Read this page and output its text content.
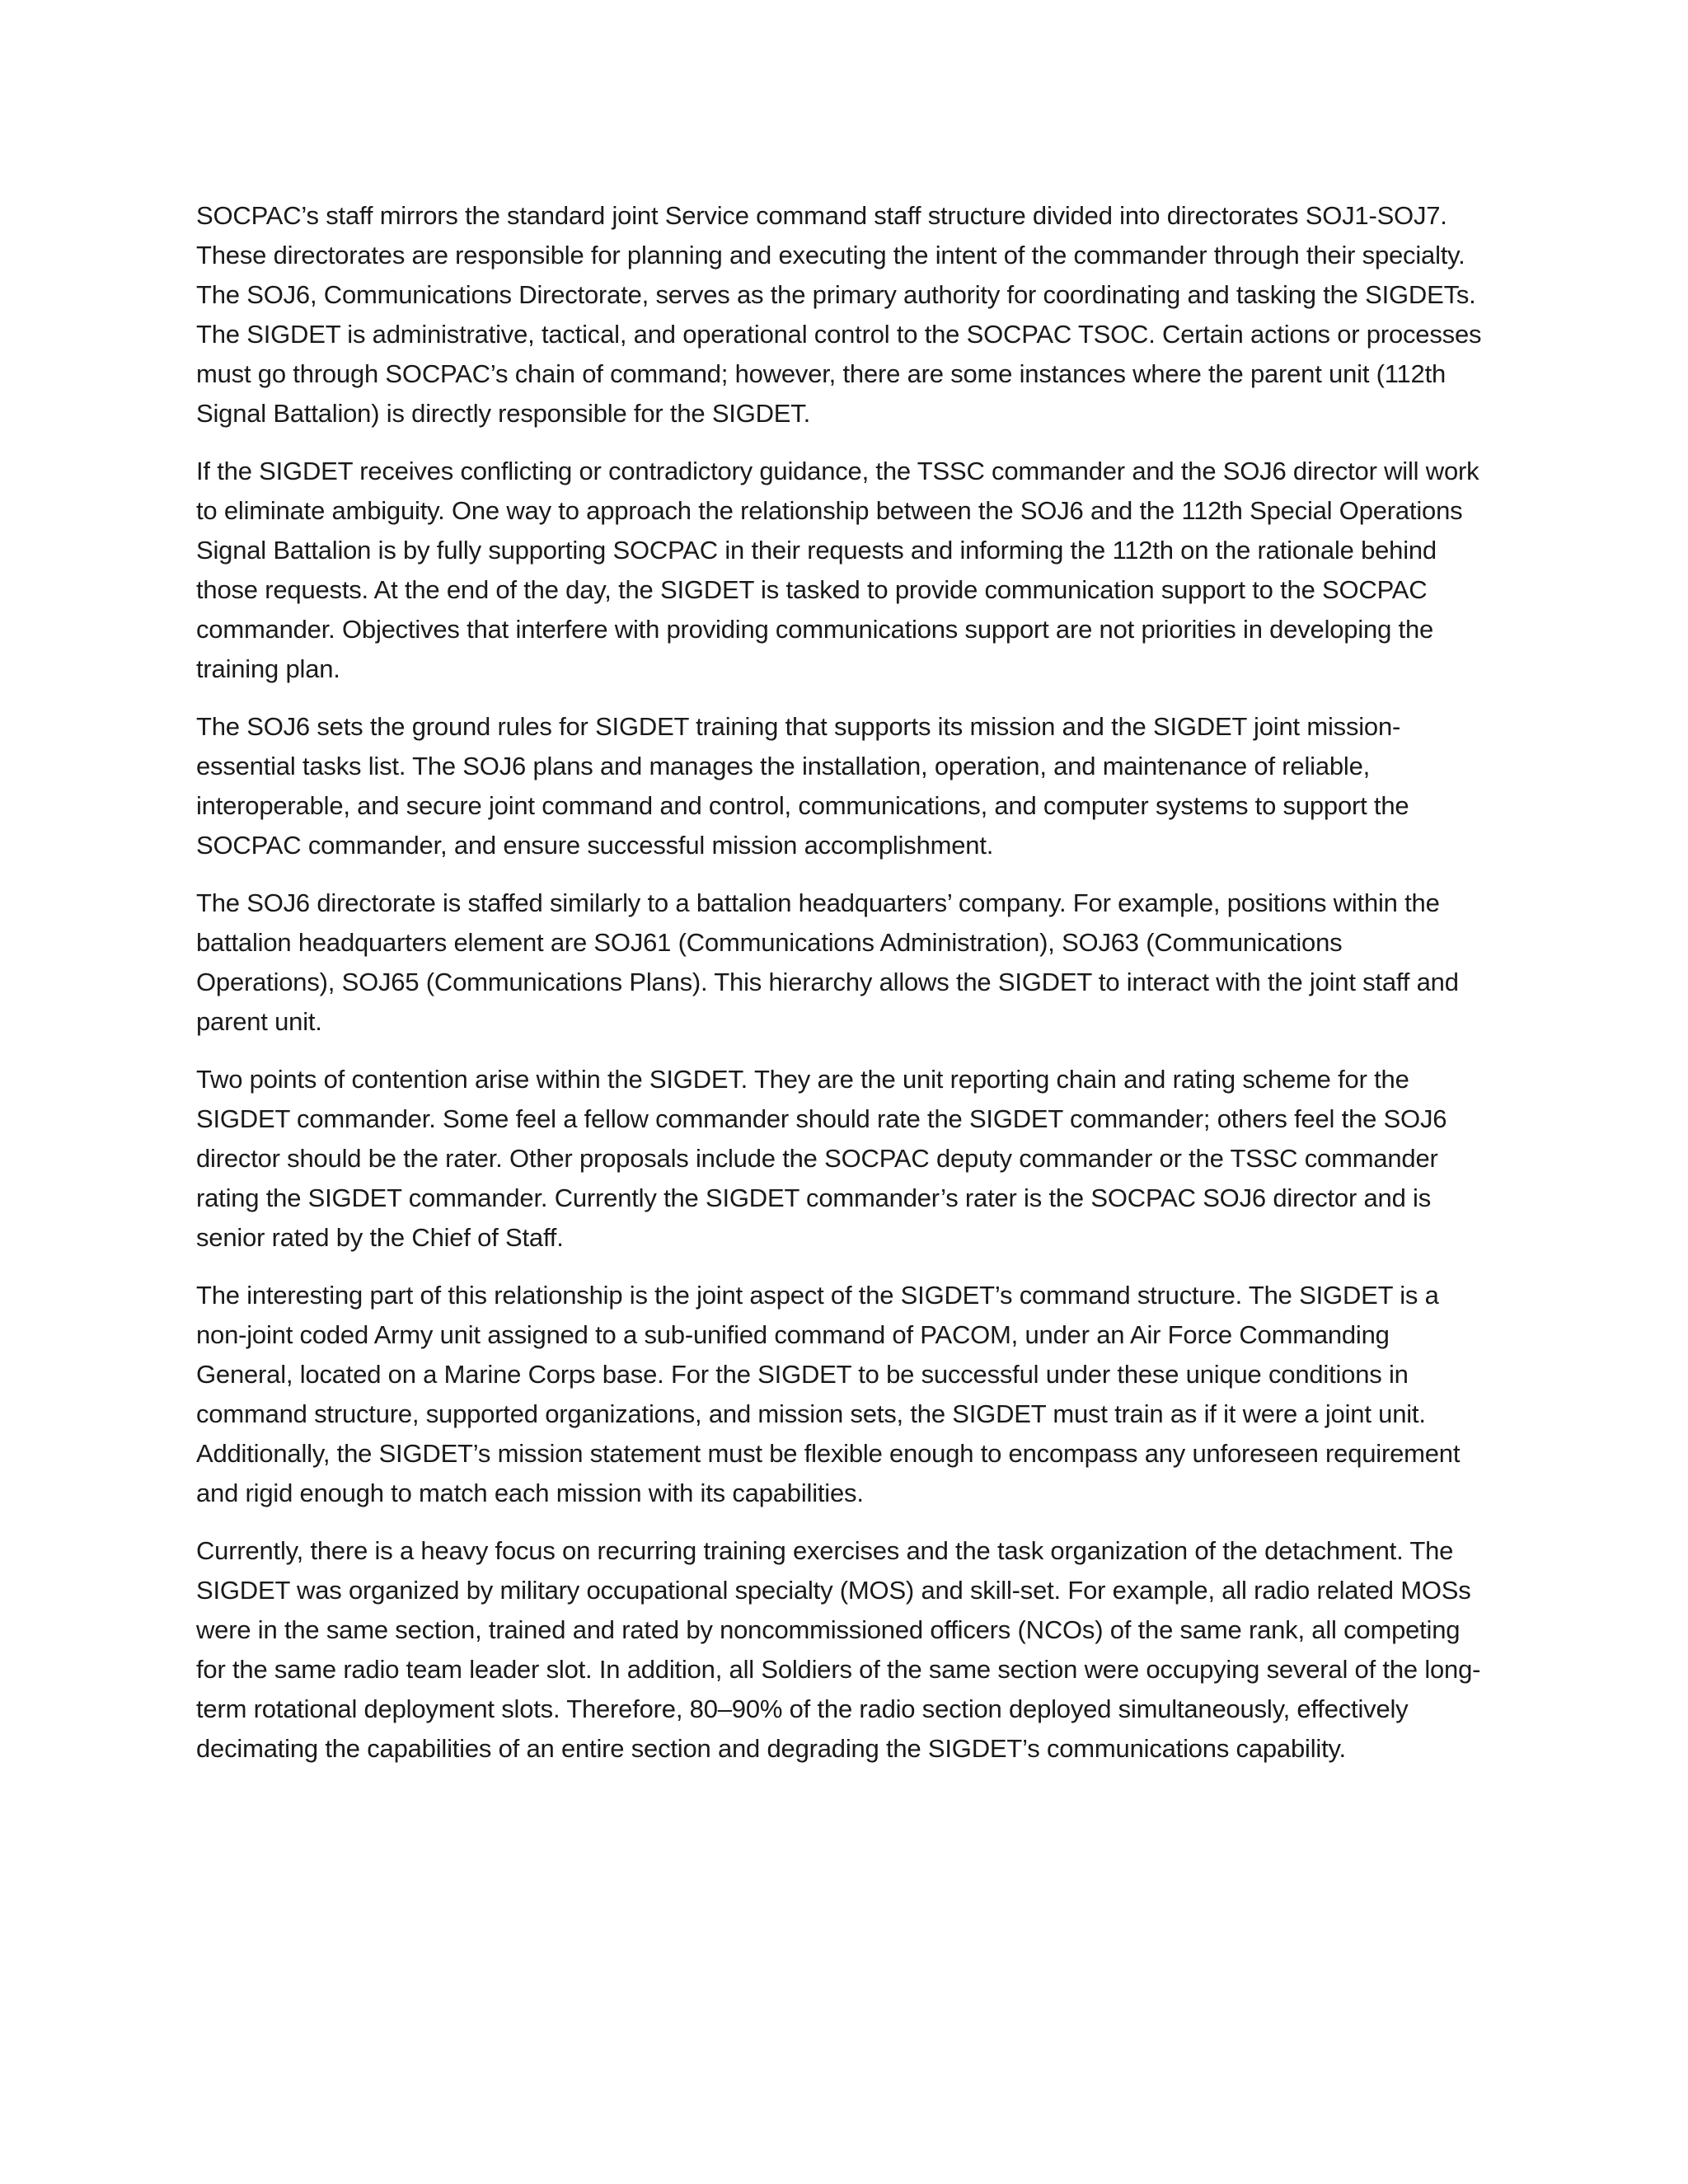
SOCPAC’s staff mirrors the standard joint Service command staff structure divided into directorates SOJ1-SOJ7. These directorates are responsible for planning and executing the intent of the commander through their specialty. The SOJ6, Communications Directorate, serves as the primary authority for coordinating and tasking the SIGDETs. The SIGDET is administrative, tactical, and operational control to the SOCPAC TSOC. Certain actions or processes must go through SOCPAC’s chain of command; however, there are some instances where the parent unit (112th Signal Battalion) is directly responsible for the SIGDET.

If the SIGDET receives conflicting or contradictory guidance, the TSSC commander and the SOJ6 director will work to eliminate ambiguity. One way to approach the relationship between the SOJ6 and the 112th Special Operations Signal Battalion is by fully supporting SOCPAC in their requests and informing the 112th on the rationale behind those requests. At the end of the day, the SIGDET is tasked to provide communication support to the SOCPAC commander. Objectives that interfere with providing communications support are not priorities in developing the training plan.

The SOJ6 sets the ground rules for SIGDET training that supports its mission and the SIGDET joint mission-essential tasks list. The SOJ6 plans and manages the installation, operation, and maintenance of reliable, interoperable, and secure joint command and control, communications, and computer systems to support the SOCPAC commander, and ensure successful mission accomplishment.

The SOJ6 directorate is staffed similarly to a battalion headquarters’ company. For example, positions within the battalion headquarters element are SOJ61 (Communications Administration), SOJ63 (Communications Operations), SOJ65 (Communications Plans). This hierarchy allows the SIGDET to interact with the joint staff and parent unit.

Two points of contention arise within the SIGDET. They are the unit reporting chain and rating scheme for the SIGDET commander. Some feel a fellow commander should rate the SIGDET commander; others feel the SOJ6 director should be the rater. Other proposals include the SOCPAC deputy commander or the TSSC commander rating the SIGDET commander. Currently the SIGDET commander’s rater is the SOCPAC SOJ6 director and is senior rated by the Chief of Staff.

The interesting part of this relationship is the joint aspect of the SIGDET’s command structure. The SIGDET is a non-joint coded Army unit assigned to a sub-unified command of PACOM, under an Air Force Commanding General, located on a Marine Corps base. For the SIGDET to be successful under these unique conditions in command structure, supported organizations, and mission sets, the SIGDET must train as if it were a joint unit. Additionally, the SIGDET’s mission statement must be flexible enough to encompass any unforeseen requirement and rigid enough to match each mission with its capabilities.

Currently, there is a heavy focus on recurring training exercises and the task organization of the detachment. The SIGDET was organized by military occupational specialty (MOS) and skill-set. For example, all radio related MOSs were in the same section, trained and rated by noncommissioned officers (NCOs) of the same rank, all competing for the same radio team leader slot. In addition, all Soldiers of the same section were occupying several of the long-term rotational deployment slots. Therefore, 80–90% of the radio section deployed simultaneously, effectively decimating the capabilities of an entire section and degrading the SIGDET’s communications capability.
